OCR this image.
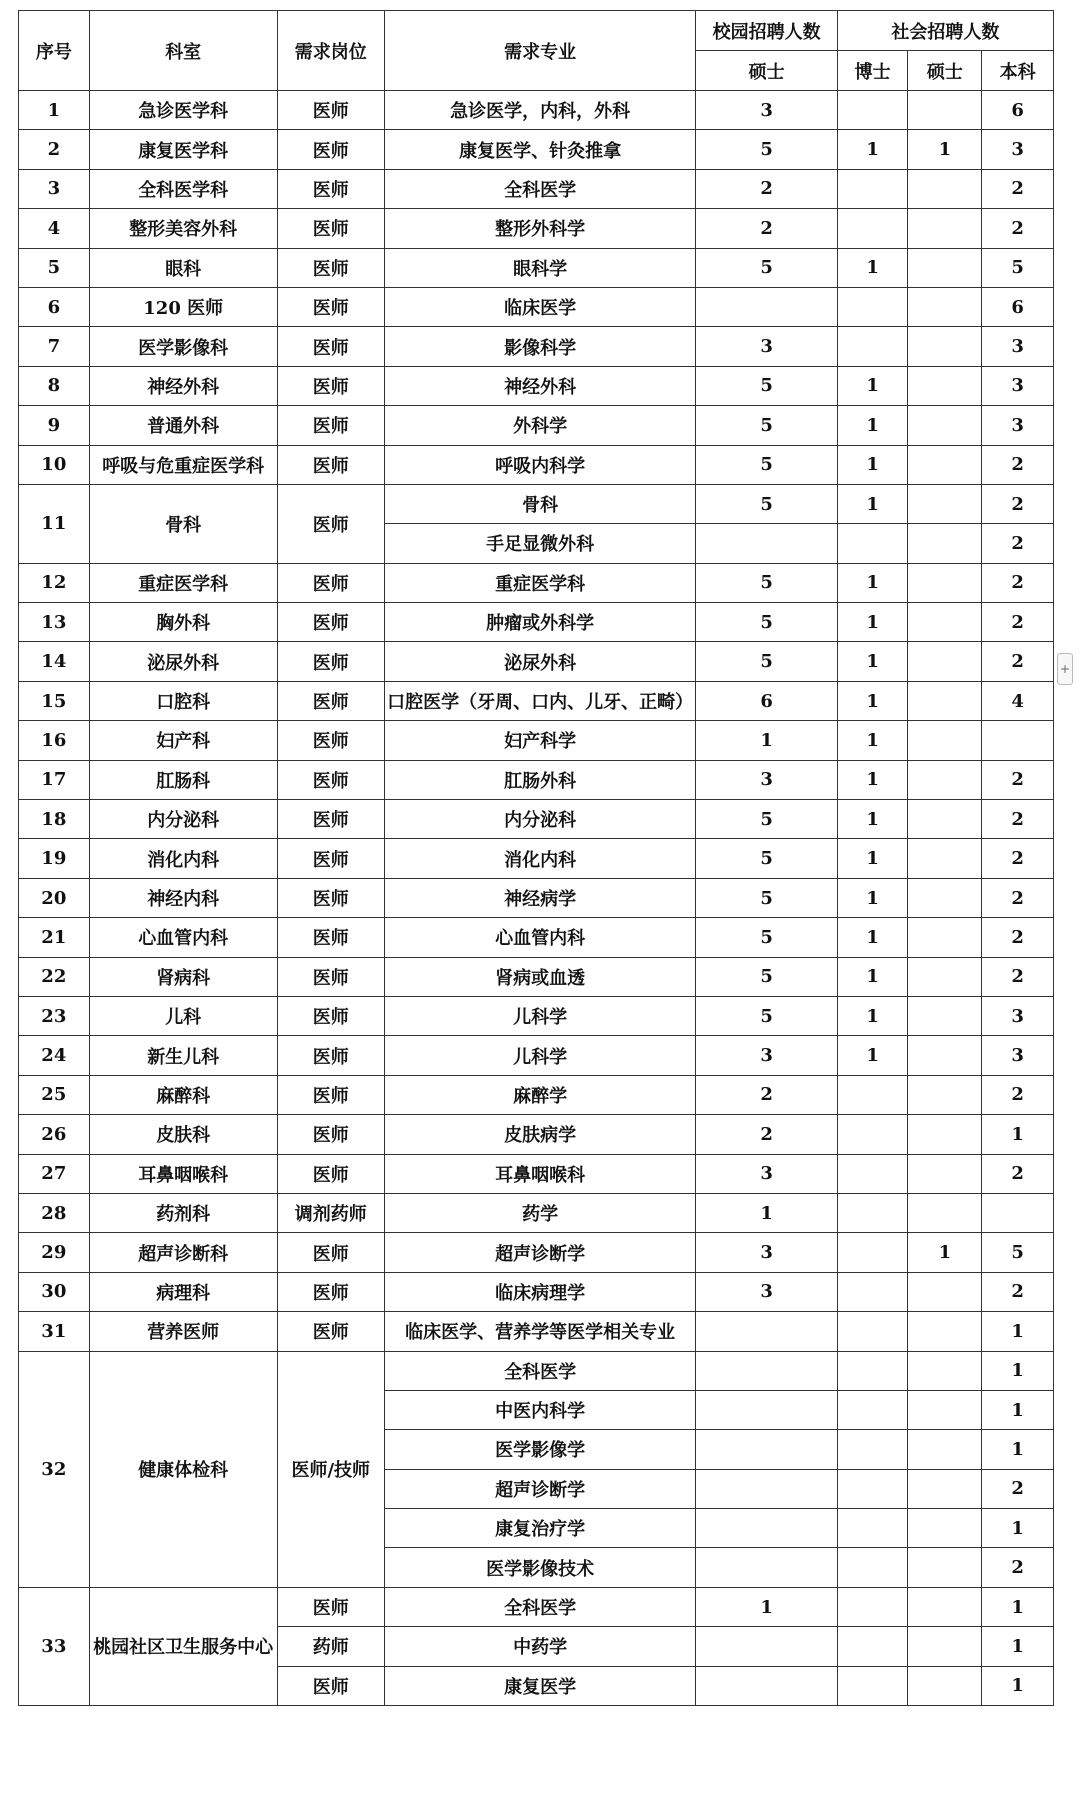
序号	科室	需求岗位	需求专业	校园招聘人数	社会招聘人数		
				硕士	博士	硕士	本科
1	急诊医学科	医师	急诊医学，内科，外科	3			6
2	康复医学科	医师	康复医学、针灸推拿	5	1	1	3
3	全科医学科	医师	全科医学	2			2
4	整形美容外科	医师	整形外科学	2			2
5	眼科	医师	眼科学	5	1		5
6	120 医师	医师	临床医学				6
7	医学影像科	医师	影像科学	3			3
8	神经外科	医师	神经外科	5	1		3
9	普通外科	医师	外科学	5	1		3
10	呼吸与危重症医学科	医师	呼吸内科学	5	1		2
11	骨科	医师	骨科	5	1		2
			手足显微外科				2
12	重症医学科	医师	重症医学科	5	1		2
13	胸外科	医师	肿瘤或外科学	5	1		2
14	泌尿外科	医师	泌尿外科	5	1		2
15	口腔科	医师	口腔医学（牙周、口内、儿牙、正畸）	6	1		4
16	妇产科	医师	妇产科学	1	1		
17	肛肠科	医师	肛肠外科	3	1		2
18	内分泌科	医师	内分泌科	5	1		2
19	消化内科	医师	消化内科	5	1		2
20	神经内科	医师	神经病学	5	1		2
21	心血管内科	医师	心血管内科	5	1		2
22	肾病科	医师	肾病或血透	5	1		2
23	儿科	医师	儿科学	5	1		3
24	新生儿科	医师	儿科学	3	1		3
25	麻醉科	医师	麻醉学	2			2
26	皮肤科	医师	皮肤病学	2			1
27	耳鼻咽喉科	医师	耳鼻咽喉科	3			2
28	药剂科	调剂药师	药学	1			
29	超声诊断科	医师	超声诊断学	3		1	5
30	病理科	医师	临床病理学	3			2
31	营养医师	医师	临床医学、营养学等医学相关专业				1
32	健康体检科	医师/技师	全科医学				1
			中医内科学				1
			医学影像学				1
			超声诊断学				2
			康复治疗学				1
			医学影像技术				2
33	桃园社区卫生服务中心	医师	全科医学	1			1
		药师	中药学				1
		医师	康复医学				1
+
